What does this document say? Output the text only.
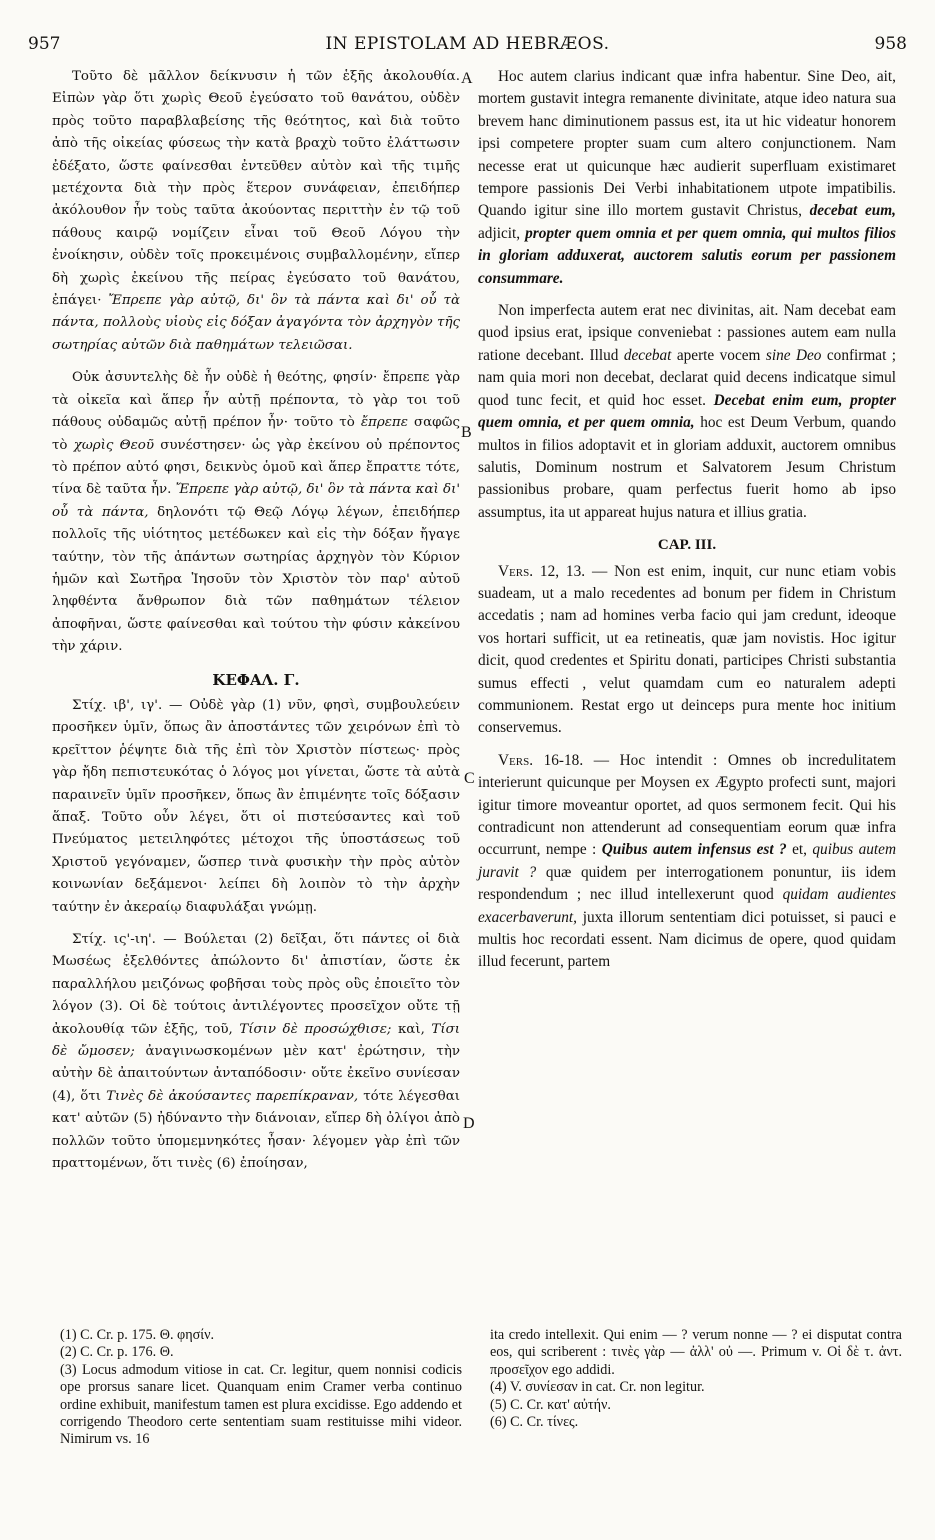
957	IN EPISTOLAM AD HEBRÆOS.	958
A
B
C
D

Τοῦτο δὲ μᾶλλον δείκνυσιν ἡ τῶν ἑξῆς ἀκολουθία. Εἰπὼν γὰρ ὅτι χωρὶς Θεοῦ ἐγεύσατο τοῦ θανάτου, οὐδὲν πρὸς τοῦτο παραβλαβείσης τῆς θεότητος, καὶ διὰ τοῦτο ἀπὸ τῆς οἰκείας φύσεως τὴν κατὰ βραχὺ τοῦτο ἐλάττωσιν ἐδέξατο, ὥστε φαίνεσθαι ἐντεῦθεν αὐτὸν καὶ τῆς τιμῆς μετέχοντα διὰ τὴν πρὸς ἕτερον συνάφειαν, ἐπειδήπερ ἀκόλουθον ἦν τοὺς ταῦτα ἀκούοντας περιττὴν ἐν τῷ τοῦ πάθους καιρῷ νομίζειν εἶναι τοῦ Θεοῦ Λόγου τὴν ἐνοίκησιν, οὐδὲν τοῖς προκειμένοις συμβαλλομένην, εἴπερ δὴ χωρὶς ἐκείνου τῆς πείρας ἐγεύσατο τοῦ θανάτου, ἐπάγει· Ἔπρεπε γὰρ αὐτῷ, δι' ὃν τὰ πάντα καὶ δι' οὗ τὰ πάντα, πολλοὺς υἱοὺς εἰς δόξαν ἀγαγόντα τὸν ἀρχηγὸν τῆς σωτηρίας αὐτῶν διὰ παθημάτων τελειῶσαι.

Οὐκ ἀσυντελὴς δὲ ἦν οὐδὲ ἡ θεότης, φησίν· ἔπρεπε γὰρ τὰ οἰκεῖα καὶ ἅπερ ἦν αὐτῇ πρέποντα, τὸ γὰρ τοι τοῦ πάθους οὐδαμῶς αὐτῇ πρέπον ἦν· τοῦτο τὸ ἔπρεπε σαφῶς τὸ χωρὶς Θεοῦ συνέστησεν· ὡς γὰρ ἐκείνου οὐ πρέποντος τὸ πρέπον αὐτό φησι, δεικνὺς ὁμοῦ καὶ ἅπερ ἔπραττε τότε, τίνα δὲ ταῦτα ἦν. Ἔπρεπε γὰρ αὐτῷ, δι' ὃν τὰ πάντα καὶ δι' οὗ τὰ πάντα, δηλονότι τῷ Θεῷ Λόγῳ λέγων, ἐπειδήπερ πολλοῖς τῆς υἱότητος μετέδωκεν καὶ εἰς τὴν δόξαν ἤγαγε ταύτην, τὸν τῆς ἁπάντων σωτηρίας ἀρχηγὸν τὸν Κύριον ἡμῶν καὶ Σωτῆρα Ἰησοῦν τὸν Χριστὸν τὸν παρ' αὐτοῦ ληφθέντα ἄνθρωπον διὰ τῶν παθημάτων τέλειον ἀποφῆναι, ὥστε φαίνεσθαι καὶ τούτου τὴν φύσιν κἀκείνου τὴν χάριν.

ΚΕΦΑΛ. Γ.

Στίχ. ιβ', ιγ'. — Οὐδὲ γὰρ (1) νῦν, φησὶ, συμβουλεύειν προσῆκεν ὑμῖν, ὅπως ἂν ἀποστάντες τῶν χειρόνων ἐπὶ τὸ κρεῖττον ῥέψητε διὰ τῆς ἐπὶ τὸν Χριστὸν πίστεως· πρὸς γὰρ ἤδη πεπιστευκότας ὁ λόγος μοι γίνεται, ὥστε τὰ αὐτὰ παραινεῖν ὑμῖν προσῆκεν, ὅπως ἂν ἐπιμένητε τοῖς δόξασιν ἅπαξ. Τοῦτο οὖν λέγει, ὅτι οἱ πιστεύσαντες καὶ τοῦ Πνεύματος μετειληφότες μέτοχοι τῆς ὑποστάσεως τοῦ Χριστοῦ γεγόναμεν, ὥσπερ τινὰ φυσικὴν τὴν πρὸς αὐτὸν κοινωνίαν δεξάμενοι· λείπει δὴ λοιπὸν τὸ τὴν ἀρχὴν ταύτην ἐν ἀκεραίῳ διαφυλάξαι γνώμῃ.

Στίχ. ις'-ιη'. — Βούλεται (2) δεῖξαι, ὅτι πάντες οἱ διὰ Μωσέως ἐξελθόντες ἀπώλοντο δι' ἀπιστίαν, ὥστε ἐκ παραλλήλου μειζόνως φοβῆσαι τοὺς πρὸς οὓς ἐποιεῖτο τὸν λόγον (3). Οἱ δὲ τούτοις ἀντιλέγοντες προσεῖχον οὔτε τῇ ἀκολουθίᾳ τῶν ἑξῆς, τοῦ, Τίσιν δὲ προσώχθισε; καὶ, Τίσι δὲ ὤμοσεν; ἀναγινωσκομένων μὲν κατ' ἐρώτησιν, τὴν αὐτὴν δὲ ἀπαιτούντων ἀνταπόδοσιν· οὔτε ἐκεῖνο συνίεσαν (4), ὅτι Τινὲς δὲ ἀκούσαντες παρεπίκραναν, τότε λέγεσθαι κατ' αὐτῶν (5) ἠδύναντο τὴν διάνοιαν, εἴπερ δὴ ὀλίγοι ἀπὸ πολλῶν τοῦτο ὑπομεμνηκότες ἦσαν· λέγομεν γὰρ ἐπὶ τῶν πραττομένων, ὅτι τινὲς (6) ἐποίησαν,

Hoc autem clarius indicant quæ infra habentur. Sine Deo, ait, mortem gustavit integra remanente divinitate, atque ideo natura sua brevem hanc diminutionem passus est, ita ut hic videatur honorem ipsi competere propter suam cum altero conjunctionem. Nam necesse erat ut quicunque hæc audierit superfluam existimaret tempore passionis Dei Verbi inhabitationem utpote impatibilis. Quando igitur sine illo mortem gustavit Christus, decebat eum, adjicit, propter quem omnia et per quem omnia, qui multos filios in gloriam adduxerat, auctorem salutis eorum per passionem consummare.

Non imperfecta autem erat nec divinitas, ait. Nam decebat eam quod ipsius erat, ipsique conveniebat : passiones autem eam nulla ratione decebant. Illud decebat aperte vocem sine Deo confirmat ; nam quia mori non decebat, declarat quid decens indicatque simul quod tunc fecit, et quid hoc esset. Decebat enim eum, propter quem omnia, et per quem omnia, hoc est Deum Verbum, quando multos in filios adoptavit et in gloriam adduxit, auctorem omnibus salutis, Dominum nostrum et Salvatorem Jesum Christum passionibus probare, quam perfectus fuerit homo ab ipso assumptus, ita ut appareat hujus natura et illius gratia.

CAP. III.

Vers. 12, 13. — Non est enim, inquit, cur nunc etiam vobis suadeam, ut a malo recedentes ad bonum per fidem in Christum accedatis ; nam ad homines verba facio qui jam credunt, ideoque vos hortari sufficit, ut ea retineatis, quæ jam novistis. Hoc igitur dicit, quod credentes et Spiritu donati, participes Christi substantia sumus effecti , velut quamdam cum eo naturalem adepti communionem. Restat ergo ut deinceps pura mente hoc initium conservemus.

Vers. 16-18. — Hoc intendit : Omnes ob incredulitatem interierunt quicunque per Moysen ex Ægypto profecti sunt, majori igitur timore moveantur oportet, ad quos sermonem fecit. Qui his contradicunt non attenderunt ad consequentiam eorum quæ infra occurrunt, nempe : Quibus autem infensus est ? et, quibus autem juravit ? quæ quidem per interrogationem ponuntur, iis idem respondendum ; nec illud intellexerunt quod quidam audientes exacerbaverunt, juxta illorum sententiam dici potuisset, si pauci e multis hoc recordati essent. Nam dicimus de opere, quod quidam illud fecerunt, partem

(1) C. Cr. p. 175. Θ. φησίν.
(2) C. Cr. p. 176. Θ.
(3) Locus admodum vitiose in cat. Cr. legitur, quem nonnisi codicis ope prorsus sanare licet. Quanquam enim Cramer verba continuo ordine exhibuit, manifestum tamen est plura excidisse. Ego addendo et corrigendo Theodoro certe sententiam suam restituisse mihi videor. Nimirum vs. 16
ita credo intellexit. Qui enim — ? verum nonne — ? ei disputat contra eos, qui scriberent : τινὲς γὰρ — ἀλλ' οὐ —. Primum v. Οἱ δὲ τ. ἀντ. προσεῖχον ego addidi.
(4) V. συνίεσαν in cat. Cr. non legitur.
(5) C. Cr. κατ' αὐτήν.
(6) C. Cr. τίνες.
